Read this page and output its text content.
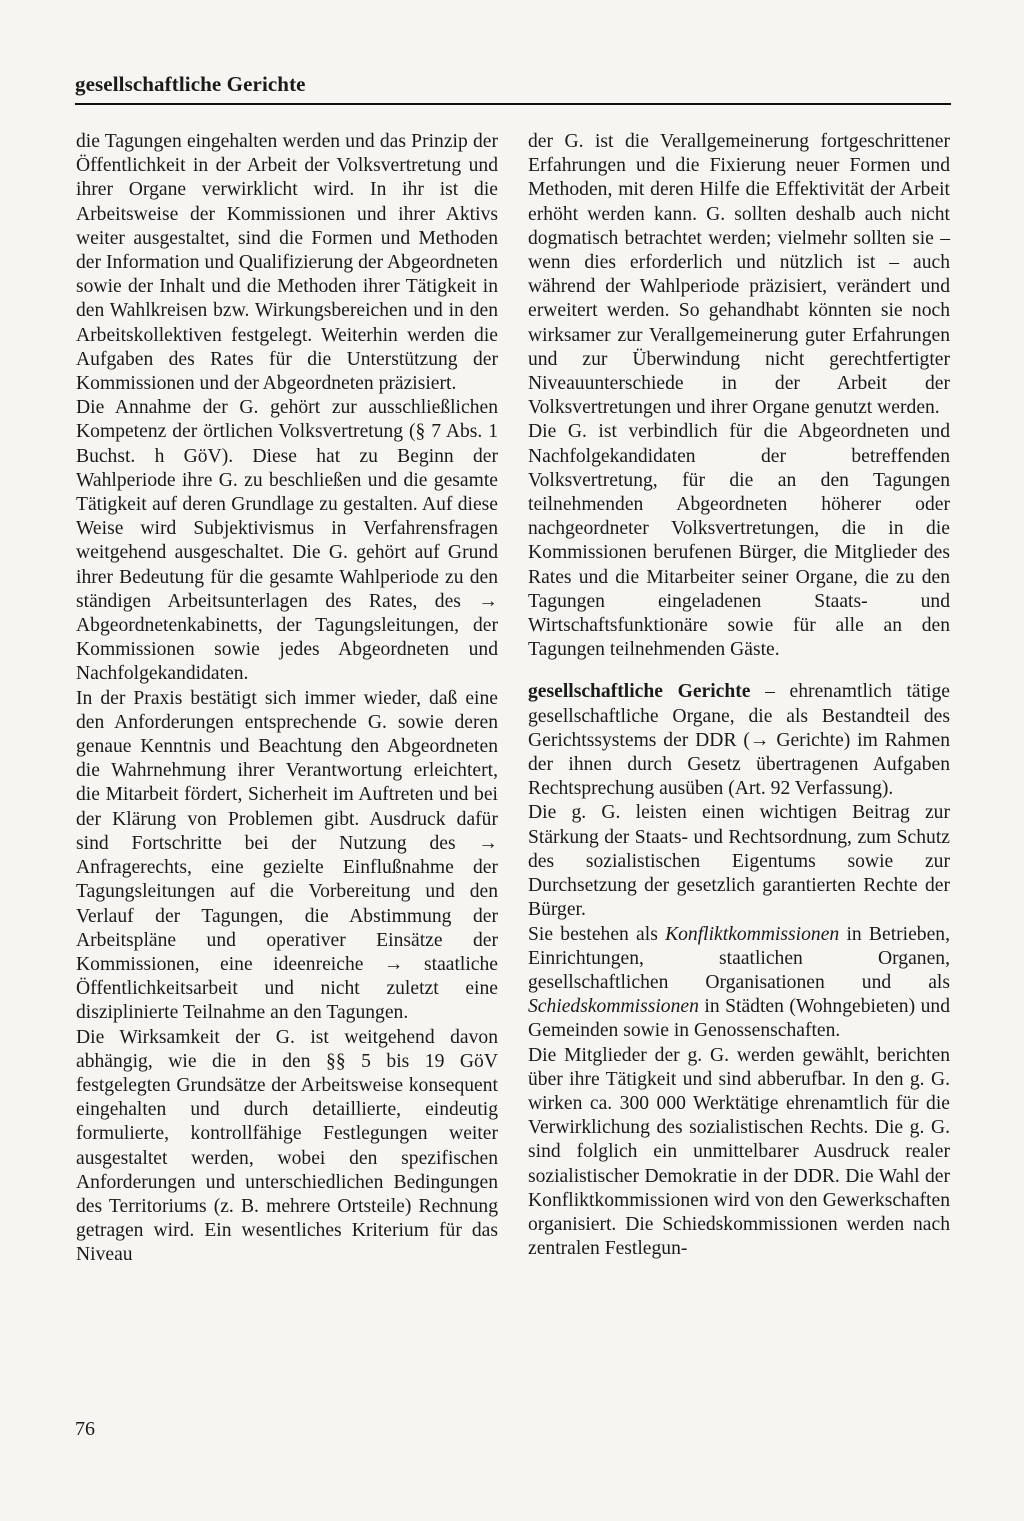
gesellschaftliche Gerichte

die Tagungen eingehalten werden und das Prinzip der Öffentlichkeit in der Arbeit der Volksvertretung und ihrer Organe verwirklicht wird. In ihr ist die Arbeitsweise der Kommissionen und ihrer Aktivs weiter ausgestaltet, sind die Formen und Methoden der Information und Qualifizierung der Abgeordneten sowie der Inhalt und die Methoden ihrer Tätigkeit in den Wahlkreisen bzw. Wirkungsbereichen und in den Arbeitskollektiven festgelegt. Weiterhin werden die Aufgaben des Rates für die Unterstützung der Kommissionen und der Abgeordneten präzisiert.

Die Annahme der G. gehört zur ausschließlichen Kompetenz der örtlichen Volksvertretung (§ 7 Abs. 1 Buchst. h GöV). Diese hat zu Beginn der Wahlperiode ihre G. zu beschließen und die gesamte Tätigkeit auf deren Grundlage zu gestalten. Auf diese Weise wird Subjektivismus in Verfahrensfragen weitgehend ausgeschaltet. Die G. gehört auf Grund ihrer Bedeutung für die gesamte Wahlperiode zu den ständigen Arbeitsunterlagen des Rates, des → Abgeordnetenkabinetts, der Tagungsleitungen, der Kommissionen sowie jedes Abgeordneten und Nachfolgekandidaten.

In der Praxis bestätigt sich immer wieder, daß eine den Anforderungen entsprechende G. sowie deren genaue Kenntnis und Beachtung den Abgeordneten die Wahrnehmung ihrer Verantwortung erleichtert, die Mitarbeit fördert, Sicherheit im Auftreten und bei der Klärung von Problemen gibt. Ausdruck dafür sind Fortschritte bei der Nutzung des → Anfragerechts, eine gezielte Einflußnahme der Tagungsleitungen auf die Vorbereitung und den Verlauf der Tagungen, die Abstimmung der Arbeitspläne und operativer Einsätze der Kommissionen, eine ideenreiche → staatliche Öffentlichkeitsarbeit und nicht zuletzt eine disziplinierte Teilnahme an den Tagungen.

Die Wirksamkeit der G. ist weitgehend davon abhängig, wie die in den §§ 5 bis 19 GöV festgelegten Grundsätze der Arbeitsweise konsequent eingehalten und durch detaillierte, eindeutig formulierte, kontrollfähige Festlegungen weiter ausgestaltet werden, wobei den spezifischen Anforderungen und unterschiedlichen Bedingungen des Territoriums (z. B. mehrere Ortsteile) Rechnung getragen wird. Ein wesentliches Kriterium für das Niveau

der G. ist die Verallgemeinerung fortgeschrittener Erfahrungen und die Fixierung neuer Formen und Methoden, mit deren Hilfe die Effektivität der Arbeit erhöht werden kann. G. sollten deshalb auch nicht dogmatisch betrachtet werden; vielmehr sollten sie – wenn dies erforderlich und nützlich ist – auch während der Wahlperiode präzisiert, verändert und erweitert werden. So gehandhabt könnten sie noch wirksamer zur Verallgemeinerung guter Erfahrungen und zur Überwindung nicht gerechtfertigter Niveauunterschiede in der Arbeit der Volksvertretungen und ihrer Organe genutzt werden.

Die G. ist verbindlich für die Abgeordneten und Nachfolgekandidaten der betreffenden Volksvertretung, für die an den Tagungen teilnehmenden Abgeordneten höherer oder nachgeordneter Volksvertretungen, die in die Kommissionen berufenen Bürger, die Mitglieder des Rates und die Mitarbeiter seiner Organe, die zu den Tagungen eingeladenen Staats- und Wirtschaftsfunktionäre sowie für alle an den Tagungen teilnehmenden Gäste.

gesellschaftliche Gerichte – ehrenamtlich tätige gesellschaftliche Organe, die als Bestandteil des Gerichtssystems der DDR (→ Gerichte) im Rahmen der ihnen durch Gesetz übertragenen Aufgaben Rechtsprechung ausüben (Art. 92 Verfassung).

Die g. G. leisten einen wichtigen Beitrag zur Stärkung der Staats- und Rechtsordnung, zum Schutz des sozialistischen Eigentums sowie zur Durchsetzung der gesetzlich garantierten Rechte der Bürger.

Sie bestehen als Konfliktkommissionen in Betrieben, Einrichtungen, staatlichen Organen, gesellschaftlichen Organisationen und als Schiedskommissionen in Städten (Wohngebieten) und Gemeinden sowie in Genossenschaften.

Die Mitglieder der g. G. werden gewählt, berichten über ihre Tätigkeit und sind abberufbar. In den g. G. wirken ca. 300 000 Werktätige ehrenamtlich für die Verwirklichung des sozialistischen Rechts. Die g. G. sind folglich ein unmittelbarer Ausdruck realer sozialistischer Demokratie in der DDR. Die Wahl der Konfliktkommissionen wird von den Gewerkschaften organisiert. Die Schiedskommissionen werden nach zentralen Festlegun-

76
